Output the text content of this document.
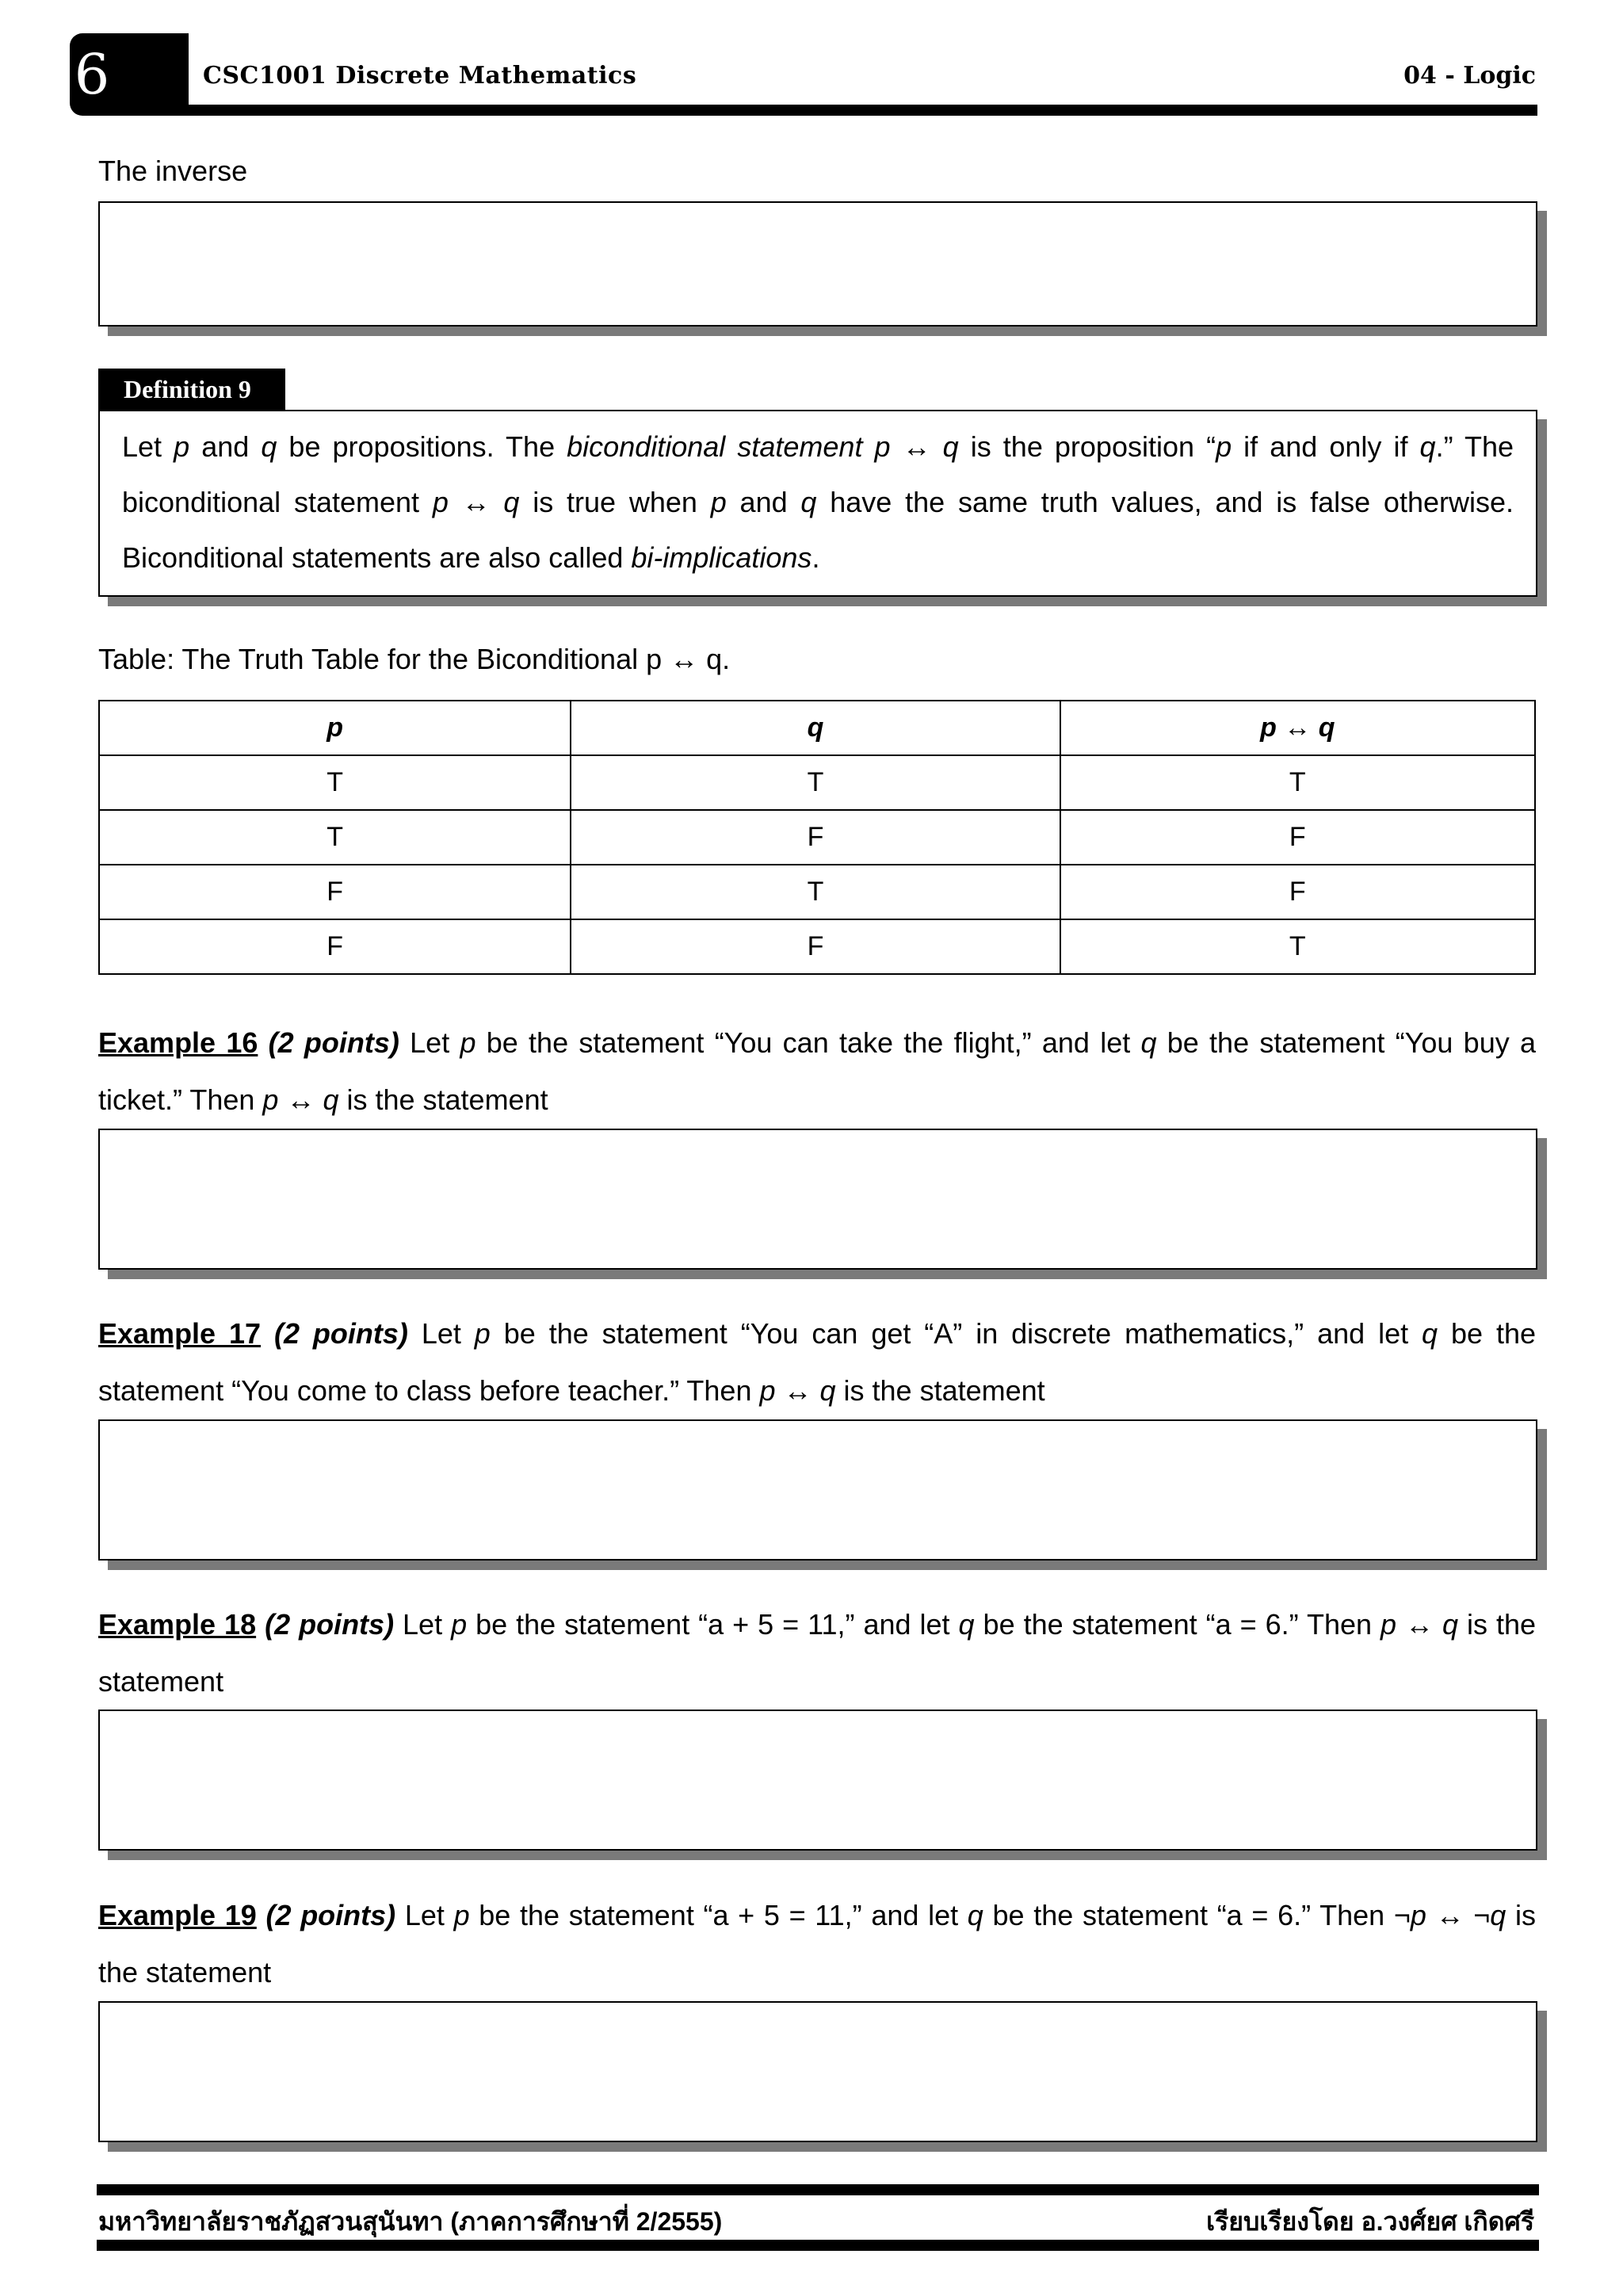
6	CSC1001 Discrete Mathematics	04 - Logic
The inverse
Definition 9
Let p and q be propositions. The biconditional statement p ↔ q is the proposition “p if and only if q.” The biconditional statement p ↔ q is true when p and q have the same truth values, and is false otherwise. Biconditional statements are also called bi-implications.
Table: The Truth Table for the Biconditional p ↔ q.
p	q	p ↔ q
T	T	T
T	F	F
F	T	F
F	F	T
Example 16 (2 points) Let p be the statement “You can take the flight,” and let q be the statement “You buy a ticket.” Then p ↔ q is the statement
Example 17 (2 points) Let p be the statement “You can get “A” in discrete mathematics,” and let q be the statement “You come to class before teacher.” Then p ↔ q is the statement
Example 18 (2 points) Let p be the statement “a + 5 = 11,” and let q be the statement “a = 6.” Then p ↔ q is the statement
Example 19 (2 points) Let p be the statement “a + 5 = 11,” and let q be the statement “a = 6.” Then ¬p ↔ ¬q is the statement
มหาวิทยาลัยราชภัฏสวนสุนันทา (ภาคการศึกษาที่ 2/2555)	เรียบเรียงโดย อ.วงศ์ยศ เกิดศรี
